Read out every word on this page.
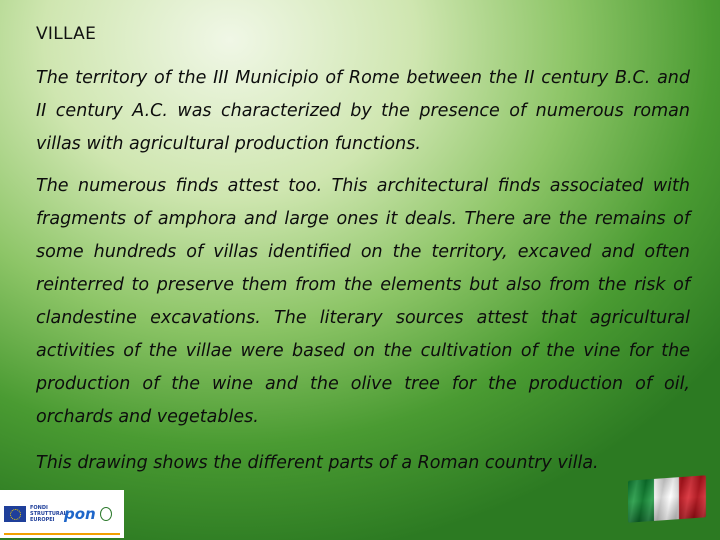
VILLAE

The territory of the III Municipio of Rome between the II century B.C. and II century A.C. was characterized by the presence of numerous roman villas with agricultural production functions.

The numerous finds attest too. This architectural finds associated with fragments of amphora and large ones it deals. There are the remains of some hundreds of villas identified on the territory, excaved and often reinterred to preserve them from the elements but also from the risk of clandestine excavations. The literary sources attest that agricultural activities of the villae were based on the cultivation of the vine for the production of the wine and the olive tree for the production of oil, orchards and vegetables.

This drawing shows the different parts of a Roman country villa.

FONDI STRUTTURALI EUROPEI pon
